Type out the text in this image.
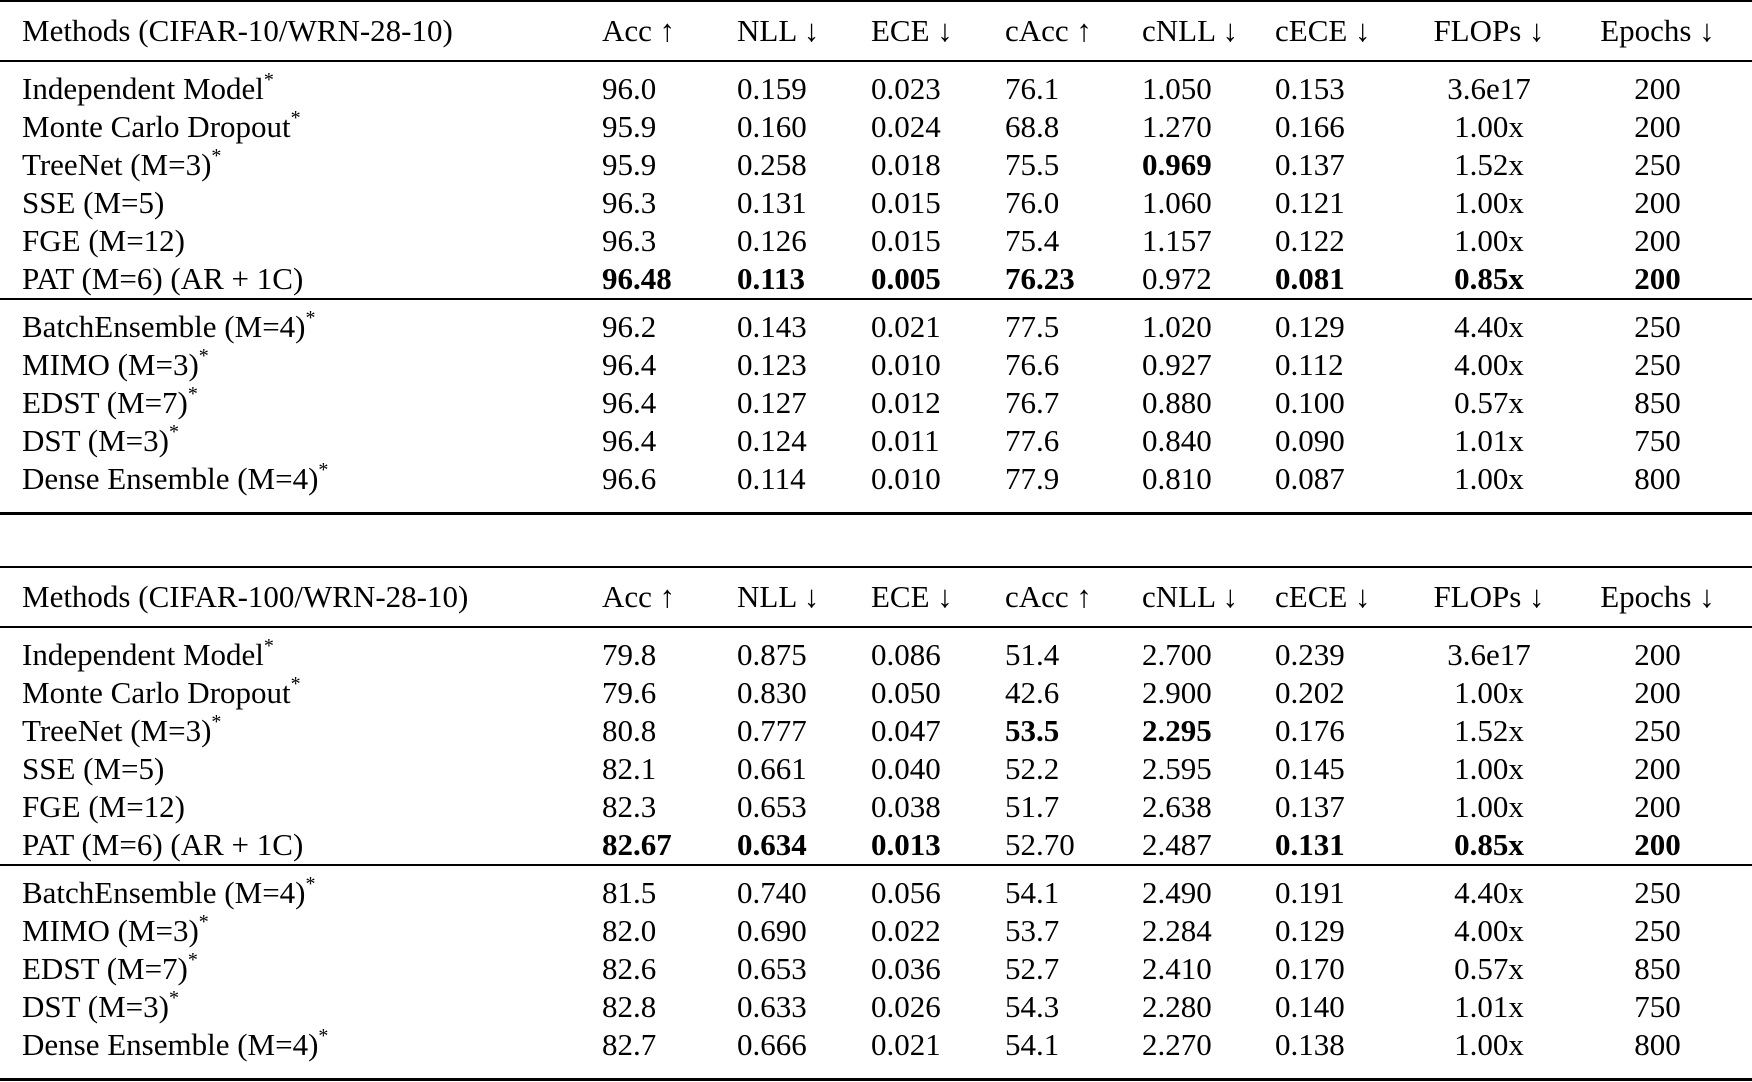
Methods (CIFAR-10/WRN-28-10)	Acc ↑	NLL ↓	ECE ↓	cAcc ↑	cNLL ↓	cECE ↓	FLOPs ↓	Epochs ↓

Independent Model*	96.0	0.159	0.023	76.1	1.050	0.153	3.6e17	200
Monte Carlo Dropout*	95.9	0.160	0.024	68.8	1.270	0.166	1.00x	200
TreeNet (M=3)*	95.9	0.258	0.018	75.5	0.969	0.137	1.52x	250
SSE (M=5)	96.3	0.131	0.015	76.0	1.060	0.121	1.00x	200
FGE (M=12)	96.3	0.126	0.015	75.4	1.157	0.122	1.00x	200
PAT (M=6) (AR + 1C)	96.48	0.113	0.005	76.23	0.972	0.081	0.85x	200

BatchEnsemble (M=4)*	96.2	0.143	0.021	77.5	1.020	0.129	4.40x	250
MIMO (M=3)*	96.4	0.123	0.010	76.6	0.927	0.112	4.00x	250
EDST (M=7)*	96.4	0.127	0.012	76.7	0.880	0.100	0.57x	850
DST (M=3)*	96.4	0.124	0.011	77.6	0.840	0.090	1.01x	750
Dense Ensemble (M=4)*	96.6	0.114	0.010	77.9	0.810	0.087	1.00x	800

Methods (CIFAR-100/WRN-28-10)	Acc ↑	NLL ↓	ECE ↓	cAcc ↑	cNLL ↓	cECE ↓	FLOPs ↓	Epochs ↓

Independent Model*	79.8	0.875	0.086	51.4	2.700	0.239	3.6e17	200
Monte Carlo Dropout*	79.6	0.830	0.050	42.6	2.900	0.202	1.00x	200
TreeNet (M=3)*	80.8	0.777	0.047	53.5	2.295	0.176	1.52x	250
SSE (M=5)	82.1	0.661	0.040	52.2	2.595	0.145	1.00x	200
FGE (M=12)	82.3	0.653	0.038	51.7	2.638	0.137	1.00x	200
PAT (M=6) (AR + 1C)	82.67	0.634	0.013	52.70	2.487	0.131	0.85x	200

BatchEnsemble (M=4)*	81.5	0.740	0.056	54.1	2.490	0.191	4.40x	250
MIMO (M=3)*	82.0	0.690	0.022	53.7	2.284	0.129	4.00x	250
EDST (M=7)*	82.6	0.653	0.036	52.7	2.410	0.170	0.57x	850
DST (M=3)*	82.8	0.633	0.026	54.3	2.280	0.140	1.01x	750
Dense Ensemble (M=4)*	82.7	0.666	0.021	54.1	2.270	0.138	1.00x	800
